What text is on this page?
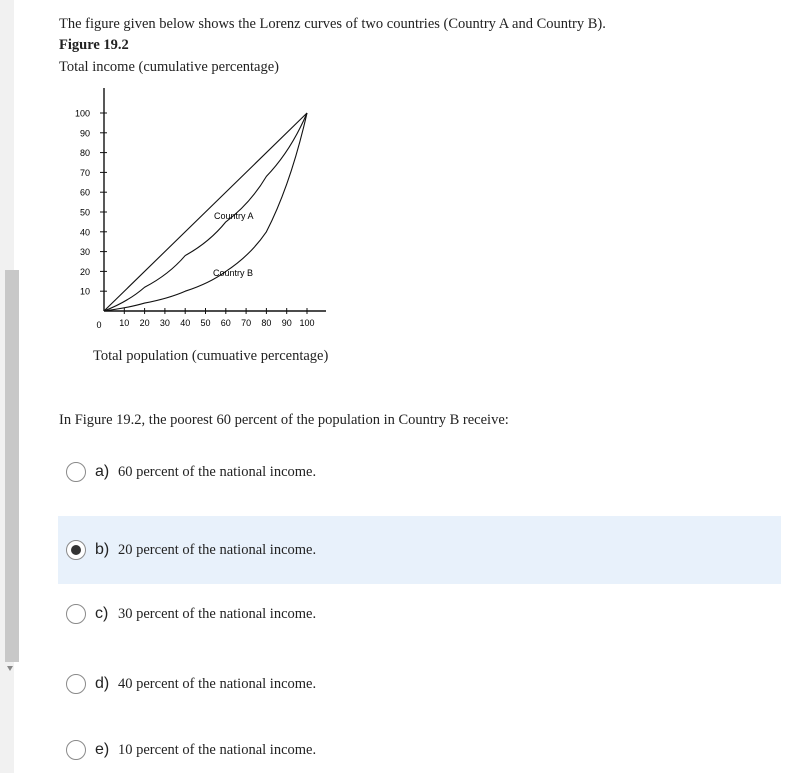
The figure given below shows the Lorenz curves of two countries (Country A and Country B).
Figure 19.2
Total income (cumulative percentage)
100
90
80
70
60
50
40
30
20
10
0 10 20 30 40 50 60 70 80 90 100
Country A
Country B
Total population (cumuative percentage)
In Figure 19.2, the poorest 60 percent of the population in Country B receive:
a) 60 percent of the national income.
b) 20 percent of the national income.
c) 30 percent of the national income.
d) 40 percent of the national income.
e) 10 percent of the national income.
